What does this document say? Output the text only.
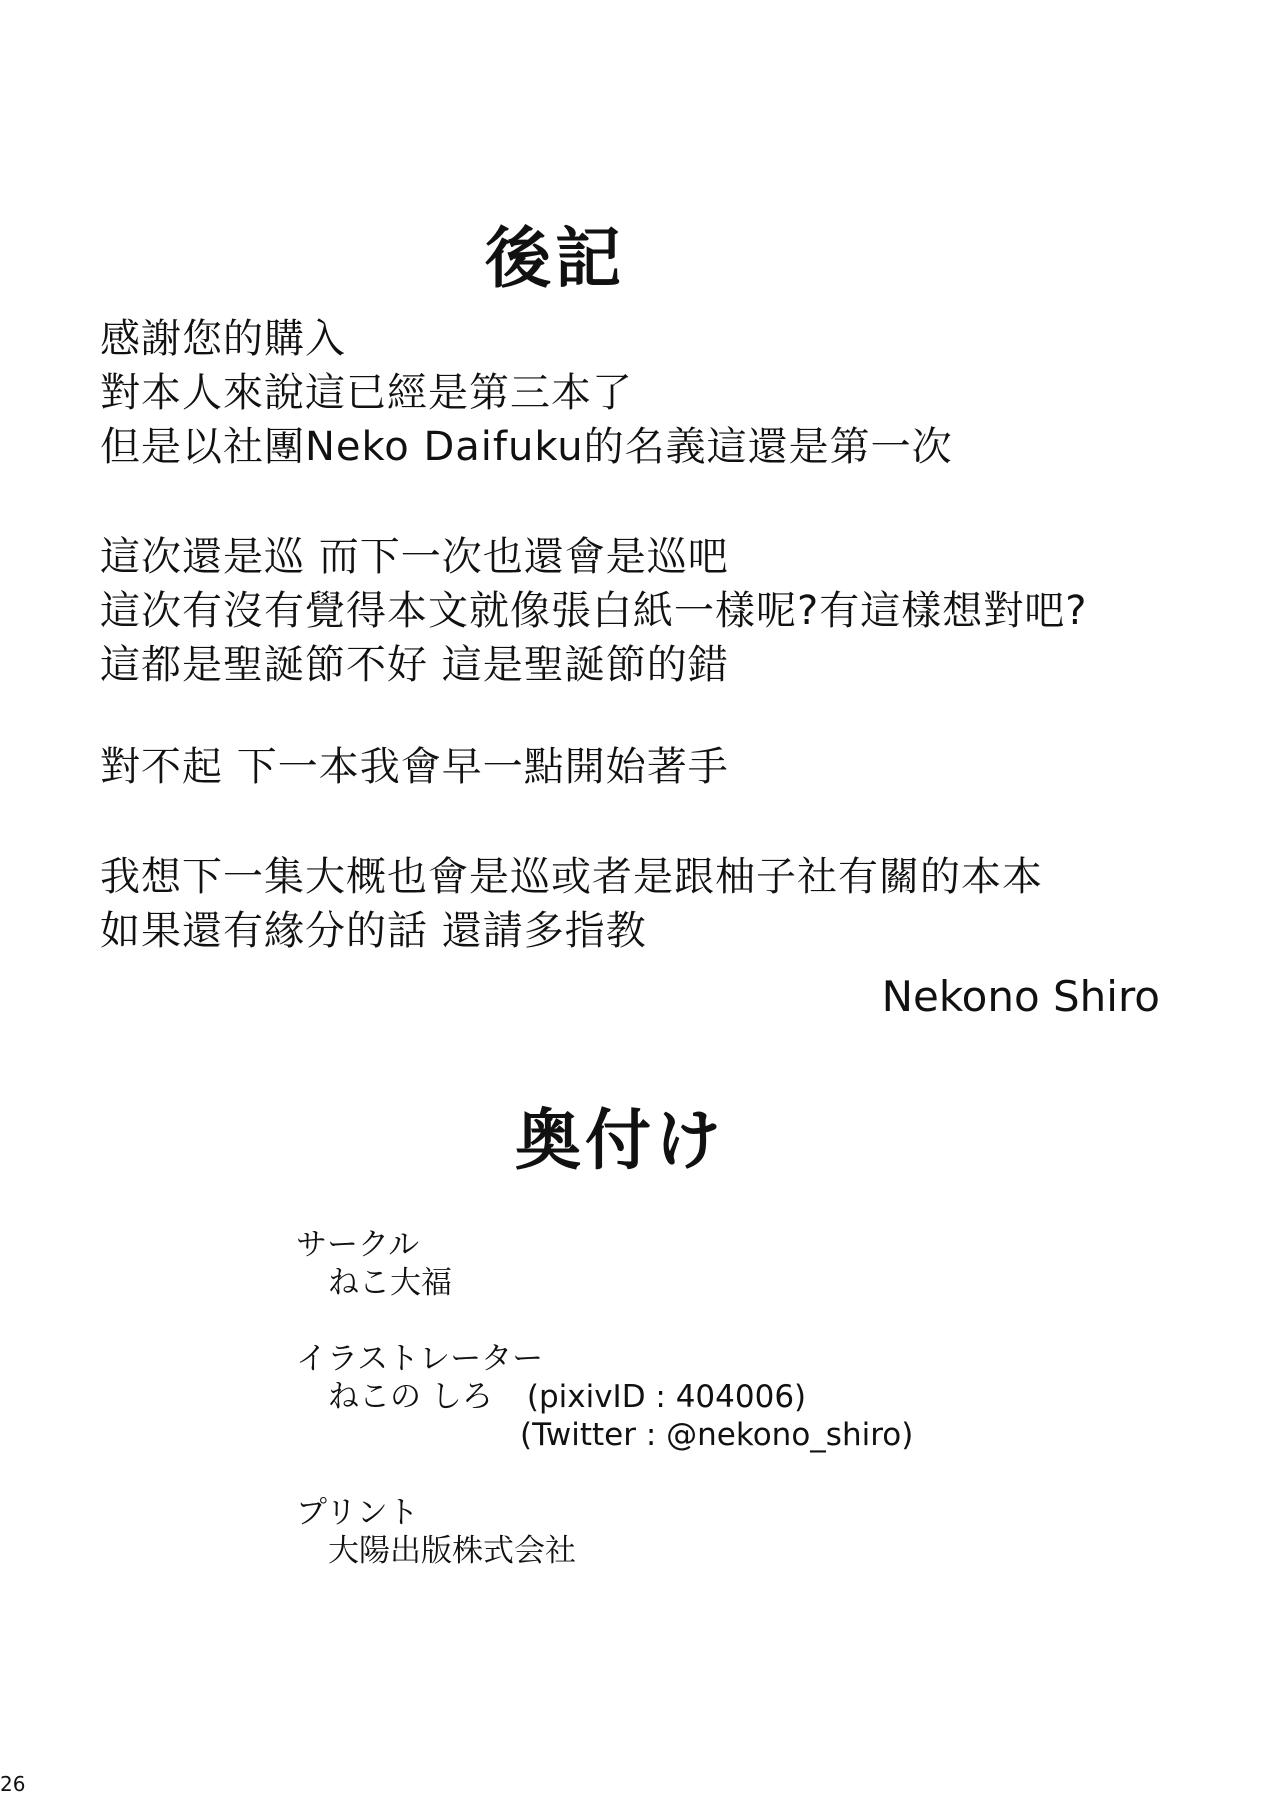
後記
感謝您的購入
對本人來說這已經是第三本了
但是以社團Neko Daifuku的名義這還是第一次
這次還是巡 而下一次也還會是巡吧
這次有沒有覺得本文就像張白紙一樣呢?有這樣想對吧?
這都是聖誕節不好 這是聖誕節的錯
對不起 下一本我會早一點開始著手
我想下一集大概也會是巡或者是跟柚子社有關的本本
如果還有緣分的話 還請多指教
Nekono Shiro
奥付け
サークル
ねこ大福
イラストレーター
ねこの しろ (pixivID : 404006)
(Twitter : @nekono_shiro)
プリント
大陽出版株式会社
26
